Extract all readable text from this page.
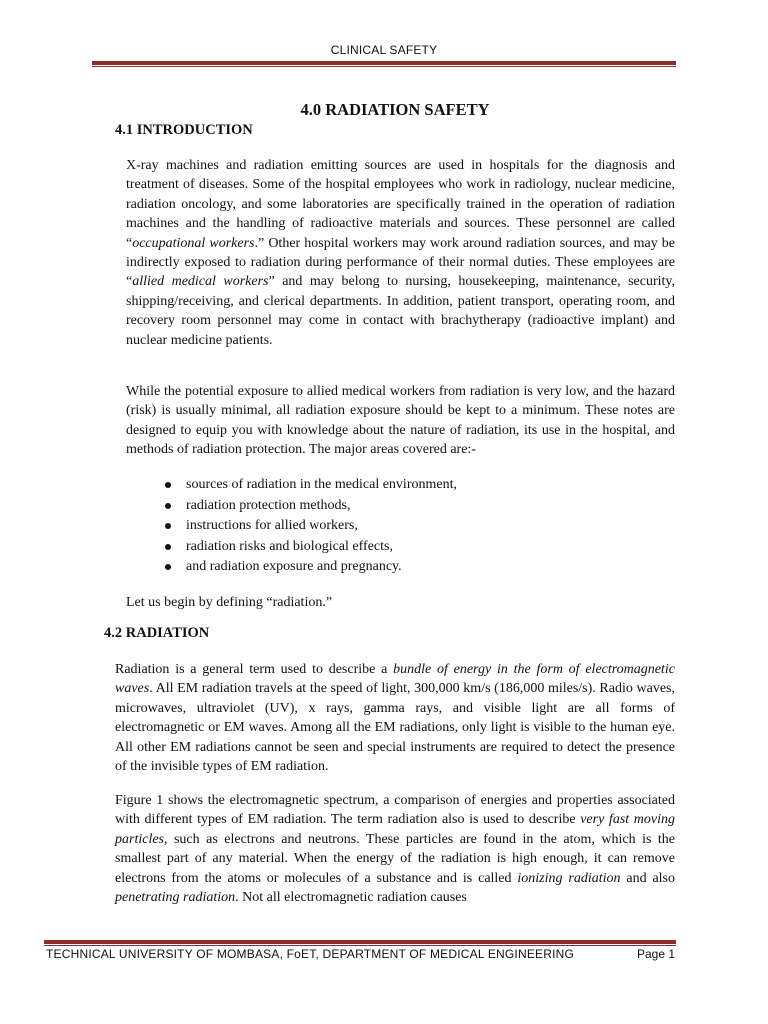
CLINICAL SAFETY
4.0 RADIATION SAFETY
4.1 INTRODUCTION

X-ray machines and radiation emitting sources are used in hospitals for the diagnosis and treatment of diseases. Some of the hospital employees who work in radiology, nuclear medicine, radiation oncology, and some laboratories are specifically trained in the operation of radiation machines and the handling of radioactive materials and sources. These personnel are called “occupational workers.” Other hospital workers may work around radiation sources, and may be indirectly exposed to radiation during performance of their normal duties. These employees are “allied medical workers” and may belong to nursing, housekeeping, maintenance, security, shipping/receiving, and clerical departments. In addition, patient transport, operating room, and recovery room personnel may come in contact with brachytherapy (radioactive implant) and nuclear medicine patients.

While the potential exposure to allied medical workers from radiation is very low, and the hazard (risk) is usually minimal, all radiation exposure should be kept to a minimum. These notes are designed to equip you with knowledge about the nature of radiation, its use in the hospital, and methods of radiation protection. The major areas covered are:-

sources of radiation in the medical environment,
radiation protection methods,
instructions for allied workers,
radiation risks and biological effects,
and radiation exposure and pregnancy.

Let us begin by defining “radiation.”

4.2 RADIATION

Radiation is a general term used to describe a bundle of energy in the form of electromagnetic waves. All EM radiation travels at the speed of light, 300,000 km/s (186,000 miles/s). Radio waves, microwaves, ultraviolet (UV), x rays, gamma rays, and visible light are all forms of electromagnetic or EM waves. Among all the EM radiations, only light is visible to the human eye. All other EM radiations cannot be seen and special instruments are required to detect the presence of the invisible types of EM radiation.

Figure 1 shows the electromagnetic spectrum, a comparison of energies and properties associated with different types of EM radiation. The term radiation also is used to describe very fast moving particles, such as electrons and neutrons. These particles are found in the atom, which is the smallest part of any material. When the energy of the radiation is high enough, it can remove electrons from the atoms or molecules of a substance and is called ionizing radiation and also penetrating radiation. Not all electromagnetic radiation causes

TECHNICAL UNIVERSITY OF MOMBASA, FoET, DEPARTMENT OF MEDICAL ENGINEERING	Page 1
